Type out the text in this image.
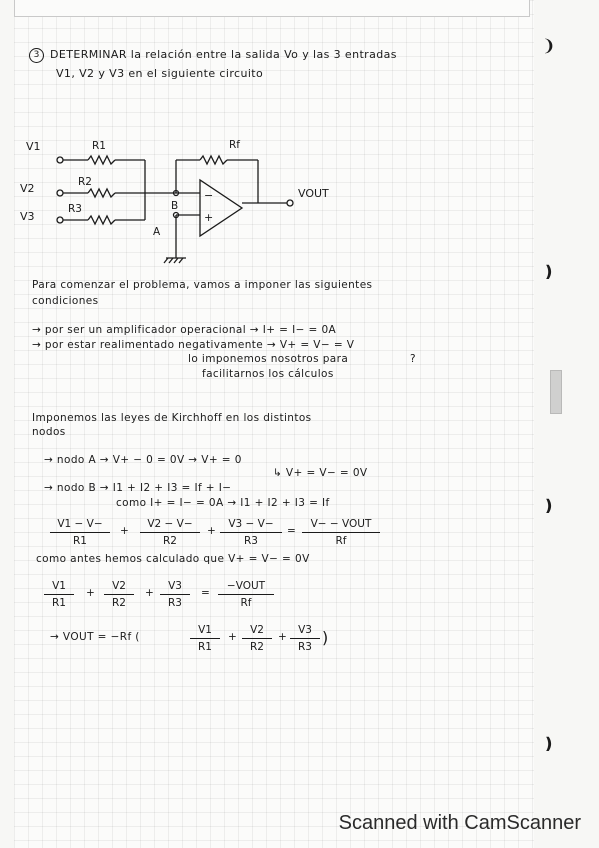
❩
❫
❫
❫
3 DETERMINAR la relación entre la salida Vo y las 3 entradas
V1, V2 y V3 en el siguiente circuito
V1
V2
V3
R1
R2
R3
Rf
B
A
−
+
VOUT
Para comenzar el problema, vamos a imponer las siguientes
condiciones
→ por ser un amplificador operacional → I+ = I− = 0A
→ por estar realimentado negativamente → V+ = V− = V
lo imponemos nosotros para	?
facilitarnos los cálculos
Imponemos las leyes de Kirchhoff en los distintos
nodos
→ nodo A → V+ − 0 = 0V → V+ = 0
↳ V+ = V− = 0V
→ nodo B → I1 + I2 + I3 = If + I−
como I+ = I− = 0A → I1 + I2 + I3 = If
V1 − V−
R1
+
V2 − V−
R2
+
V3 − V−
R3
=
V− − VOUT
Rf
como antes hemos calculado que V+ = V− = 0V
V1
R1
+
V2
R2
+
V3
R3
=
−VOUT
Rf
→ VOUT = −Rf (
V1
R1
+
V2
R2
+
V3
R3 )
Scanned with CamScanner
